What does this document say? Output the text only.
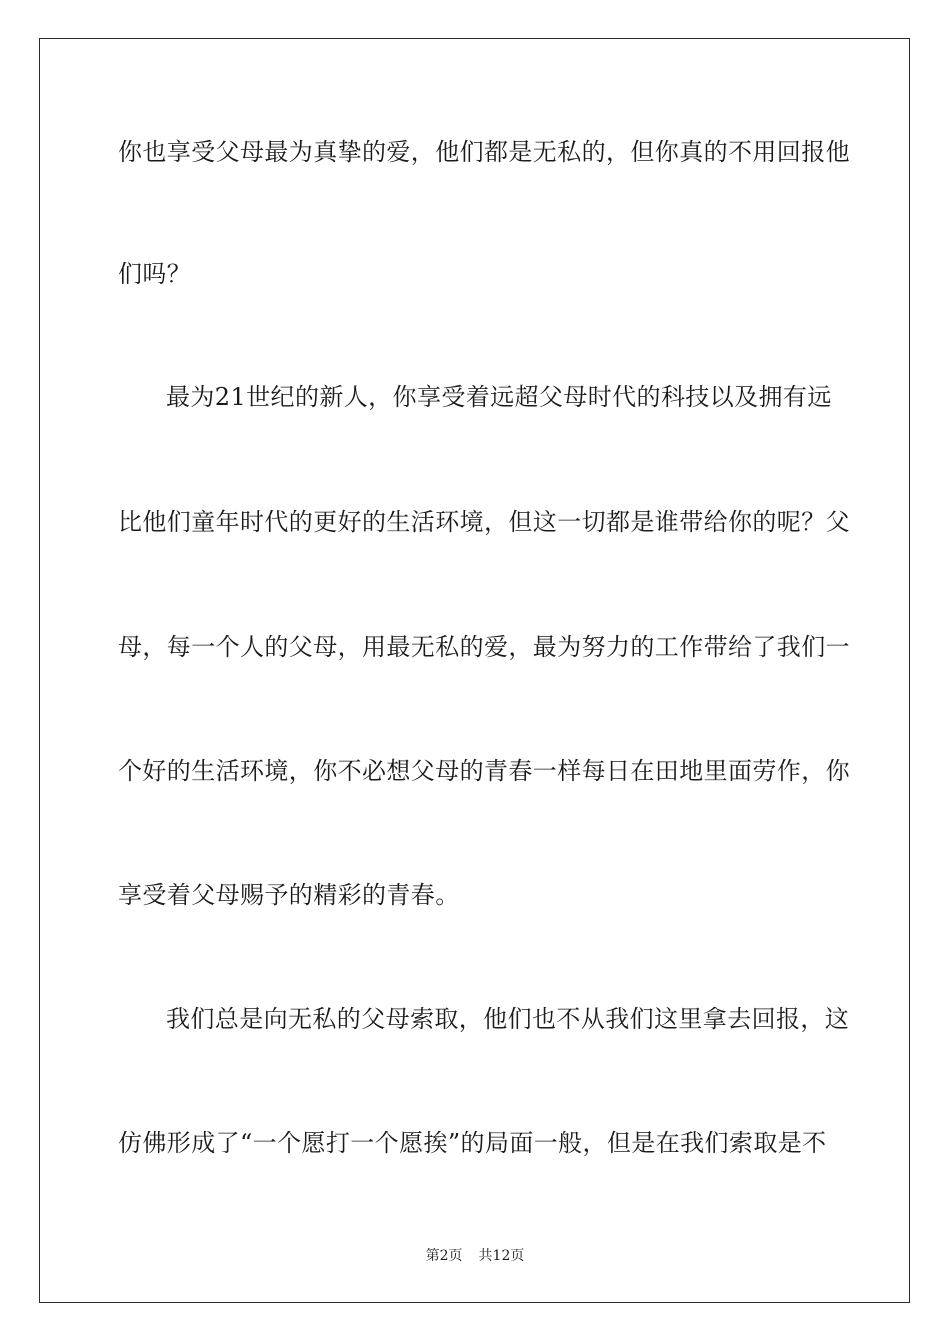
你也享受父母最为真挚的爱，他们都是无私的，但你真的不用回报他
们吗？
最为21世纪的新人，你享受着远超父母时代的科技以及拥有远
比他们童年时代的更好的生活环境，但这一切都是谁带给你的呢？父
母，每一个人的父母，用最无私的爱，最为努力的工作带给了我们一
个好的生活环境，你不必想父母的青春一样每日在田地里面劳作，你
享受着父母赐予的精彩的青春。
我们总是向无私的父母索取，他们也不从我们这里拿去回报，这
仿佛形成了“一个愿打一个愿挨”的局面一般，但是在我们索取是不
第2页 共12页
